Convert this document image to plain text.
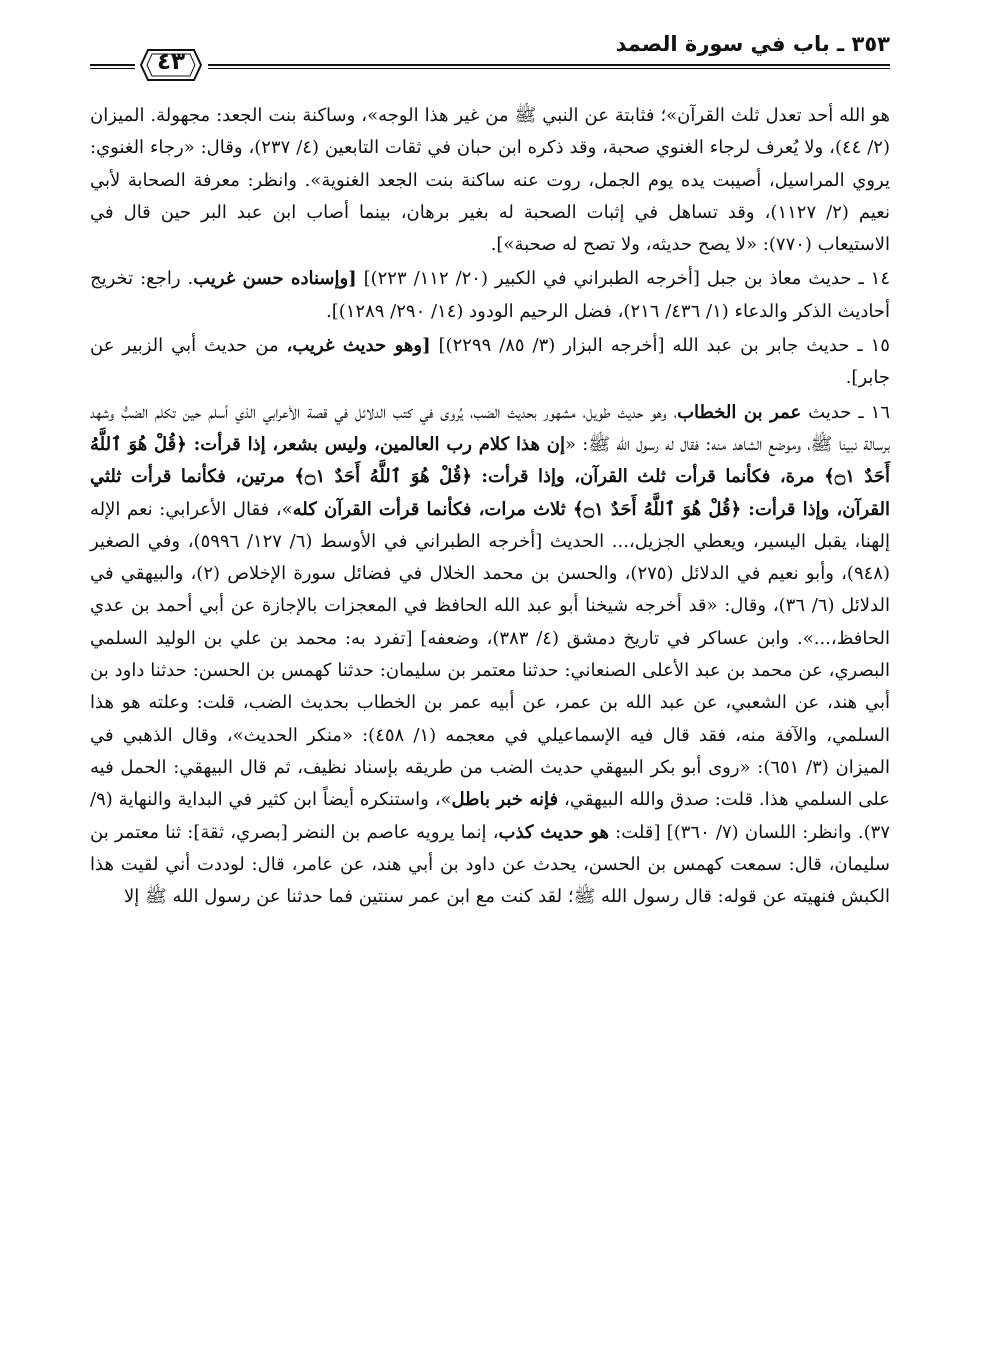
٣٥٣ ـ باب في سورة الصمد
٤٣

هو الله أحد تعدل ثلث القرآن»؛ فثابتة عن النبي ﷺ من غير هذا الوجه»، وساكنة بنت الجعد: مجهولة. الميزان (٢/ ٤٤)، ولا يُعرف لرجاء الغنوي صحبة، وقد ذكره ابن حبان في ثقات التابعين (٤/ ٢٣٧)، وقال: «رجاء الغنوي: يروي المراسيل، أصيبت يده يوم الجمل، روت عنه ساكنة بنت الجعد الغنوية». وانظر: معرفة الصحابة لأبي نعيم (٢/ ١١٢٧)، وقد تساهل في إثبات الصحبة له بغير برهان، بينما أصاب ابن عبد البر حين قال في الاستيعاب (٧٧٠): «لا يصح حديثه، ولا تصح له صحبة»].

١٤ ـ حديث معاذ بن جبل [أخرجه الطبراني في الكبير (٢٠/ ١١٢/ ٢٢٣)] [وإسناده حسن غريب. راجع: تخريج أحاديث الذكر والدعاء (١/ ٤٣٦/ ٢١٦)، فضل الرحيم الودود (١٤/ ٢٩٠/ ١٢٨٩)].

١٥ ـ حديث جابر بن عبد الله [أخرجه البزار (٣/ ٨٥/ ٢٢٩٩)] [وهو حديث غريب، من حديث أبي الزبير عن جابر].

١٦ ـ حديث عمر بن الخطاب، وهو حديث طويل، مشهور بحديث الضب، يُروى في كتب الدلائل في قصة الأعرابي الذي أسلم حين تكلم الضبُّ وشهد برسالة نبينا ﷺ، وموضع الشاهد منه: فقال له رسول الله ﷺ: «إن هذا كلام رب العالمين، وليس بشعر، إذا قرأت: ﴿قُلْ هُوَ ٱللَّهُ أَحَدٌ ۝١﴾ مرة، فكأنما قرأت ثلث القرآن، وإذا قرأت: ﴿قُلْ هُوَ ٱللَّهُ أَحَدٌ ۝١﴾ مرتين، فكأنما قرأت ثلثي القرآن، وإذا قرأت: ﴿قُلْ هُوَ ٱللَّهُ أَحَدٌ ۝١﴾ ثلاث مرات، فكأنما قرأت القرآن كله»، فقال الأعرابي: نعم الإله إلهنا، يقبل اليسير، ويعطي الجزيل،... الحديث [أخرجه الطبراني في الأوسط (٦/ ١٢٧/ ٥٩٩٦)، وفي الصغير (٩٤٨)، وأبو نعيم في الدلائل (٢٧٥)، والحسن بن محمد الخلال في فضائل سورة الإخلاص (٢)، والبيهقي في الدلائل (٦/ ٣٦)، وقال: «قد أخرجه شيخنا أبو عبد الله الحافظ في المعجزات بالإجازة عن أبي أحمد بن عدي الحافظ،...». وابن عساكر في تاريخ دمشق (٤/ ٣٨٣)، وضعفه] [تفرد به: محمد بن علي بن الوليد السلمي البصري، عن محمد بن عبد الأعلى الصنعاني: حدثنا معتمر بن سليمان: حدثنا كهمس بن الحسن: حدثنا داود بن أبي هند، عن الشعبي، عن عبد الله بن عمر، عن أبيه عمر بن الخطاب بحديث الضب، قلت: وعلته هو هذا السلمي، والآفة منه، فقد قال فيه الإسماعيلي في معجمه (١/ ٤٥٨): «منكر الحديث»، وقال الذهبي في الميزان (٣/ ٦٥١): «روى أبو بكر البيهقي حديث الضب من طريقه بإسناد نظيف، ثم قال البيهقي: الحمل فيه على السلمي هذا. قلت: صدق والله البيهقي، فإنه خبر باطل»، واستنكره أيضاً ابن كثير في البداية والنهاية (٩/ ٣٧). وانظر: اللسان (٧/ ٣٦٠)] [قلت: هو حديث كذب، إنما يرويه عاصم بن النضر [بصري، ثقة]: ثنا معتمر بن سليمان، قال: سمعت كهمس بن الحسن، يحدث عن داود بن أبي هند، عن عامر، قال: لوددت أني لقيت هذا الكبش فنهيته عن قوله: قال رسول الله ﷺ؛ لقد كنت مع ابن عمر سنتين فما حدثنا عن رسول الله ﷺ إلا
